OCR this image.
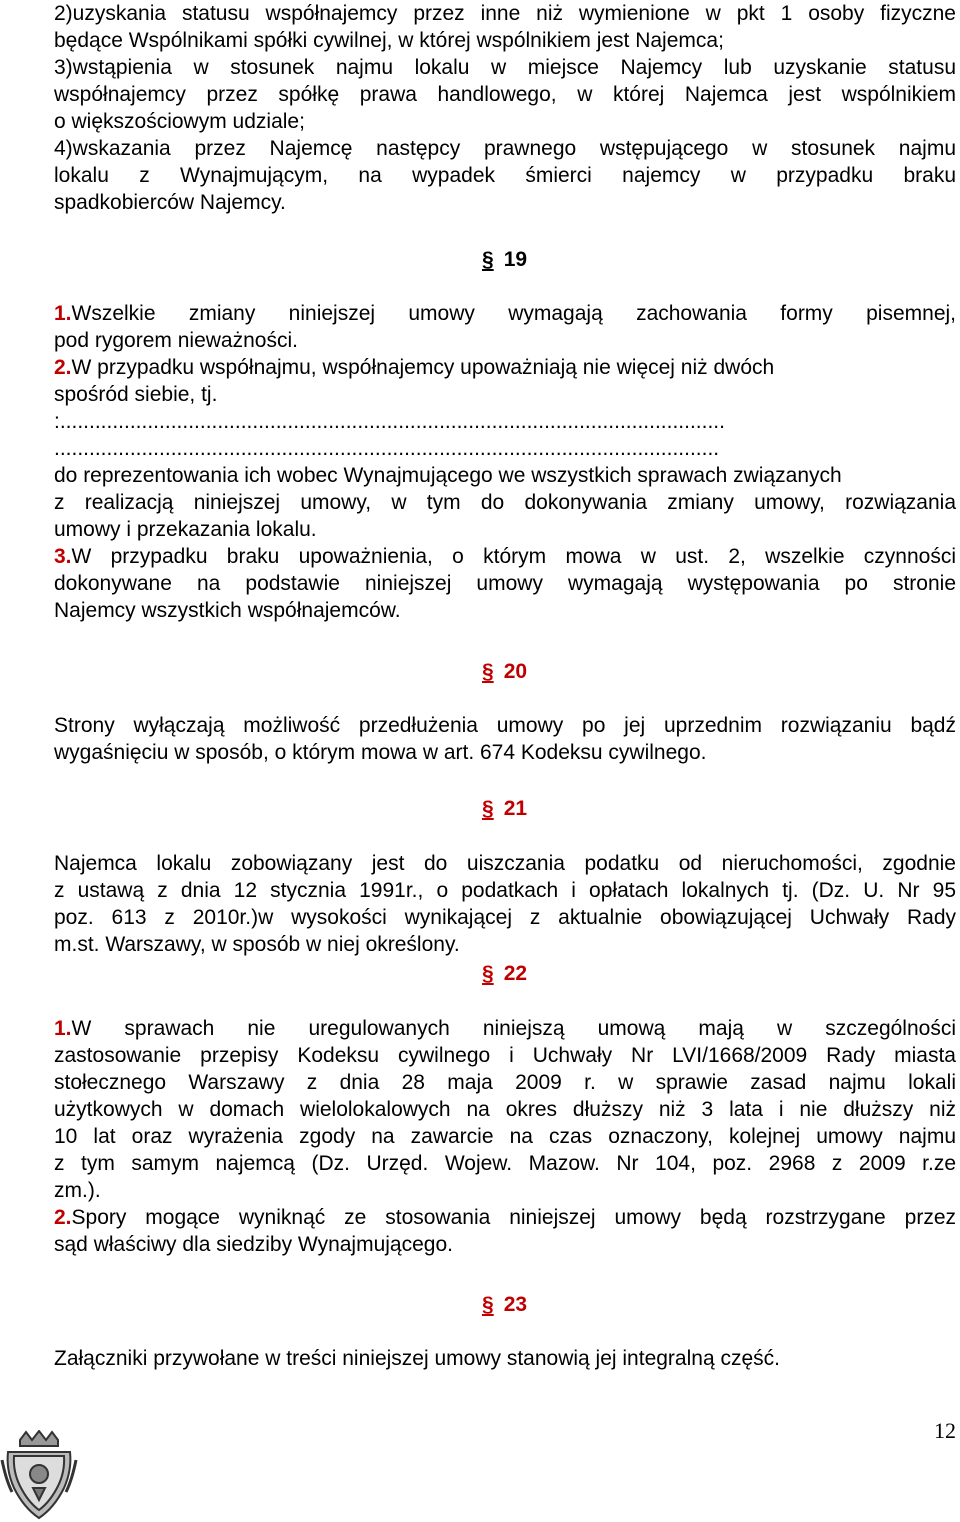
2)uzyskania statusu współnajemcy przez inne niż wymienione w pkt 1 osoby fizyczne
będące Wspólnikami spółki cywilnej, w której wspólnikiem jest Najemca;
3)wstąpienia w stosunek najmu lokalu w miejsce Najemcy lub uzyskanie statusu
współnajemcy przez spółkę prawa handlowego, w której Najemca jest wspólnikiem
o większościowym udziale;
4)wskazania przez Najemcę następcy prawnego wstępującego w stosunek najmu
lokalu z Wynajmującym, na wypadek śmierci najemcy w przypadku braku
spadkobierców Najemcy.
§ 19
1.Wszelkie zmiany niniejszej umowy wymagają zachowania formy pisemnej,
pod rygorem nieważności.
2.W przypadku współnajmu, współnajemcy upoważniają nie więcej niż dwóch
spośród siebie, tj.
:..................................................................................................................
..................................................................................................................
do reprezentowania ich wobec Wynajmującego we wszystkich sprawach związanych
z realizacją niniejszej umowy, w tym do dokonywania zmiany umowy, rozwiązania
umowy i przekazania lokalu.
3.W przypadku braku upoważnienia, o którym mowa w ust. 2, wszelkie czynności
dokonywane na podstawie niniejszej umowy wymagają występowania po stronie
Najemcy wszystkich współnajemców.
§ 20
Strony wyłączają możliwość przedłużenia umowy po jej uprzednim rozwiązaniu bądź
wygaśnięciu w sposób, o którym mowa w art. 674 Kodeksu cywilnego.
§ 21
Najemca lokalu zobowiązany jest do uiszczania podatku od nieruchomości, zgodnie
z ustawą z dnia 12 stycznia 1991r., o podatkach i opłatach lokalnych tj. (Dz. U. Nr 95
poz. 613 z 2010r.)w wysokości wynikającej z aktualnie obowiązującej Uchwały Rady
m.st. Warszawy, w sposób w niej określony.
§ 22
1.W sprawach nie uregulowanych niniejszą umową mają w szczególności
zastosowanie przepisy Kodeksu cywilnego i Uchwały Nr LVI/1668/2009 Rady miasta
stołecznego Warszawy z dnia 28 maja 2009 r. w sprawie zasad najmu lokali
użytkowych w domach wielolokalowych na okres dłuższy niż 3 lata i nie dłuższy niż
10 lat oraz wyrażenia zgody na zawarcie na czas oznaczony, kolejnej umowy najmu
z tym samym najemcą (Dz. Urzęd. Wojew. Mazow. Nr 104, poz. 2968 z 2009 r.ze
zm.).
2.Spory mogące wyniknąć ze stosowania niniejszej umowy będą rozstrzygane przez
sąd właściwy dla siedziby Wynajmującego.
§ 23
Załączniki przywołane w treści niniejszej umowy stanowią jej integralną część.
12
